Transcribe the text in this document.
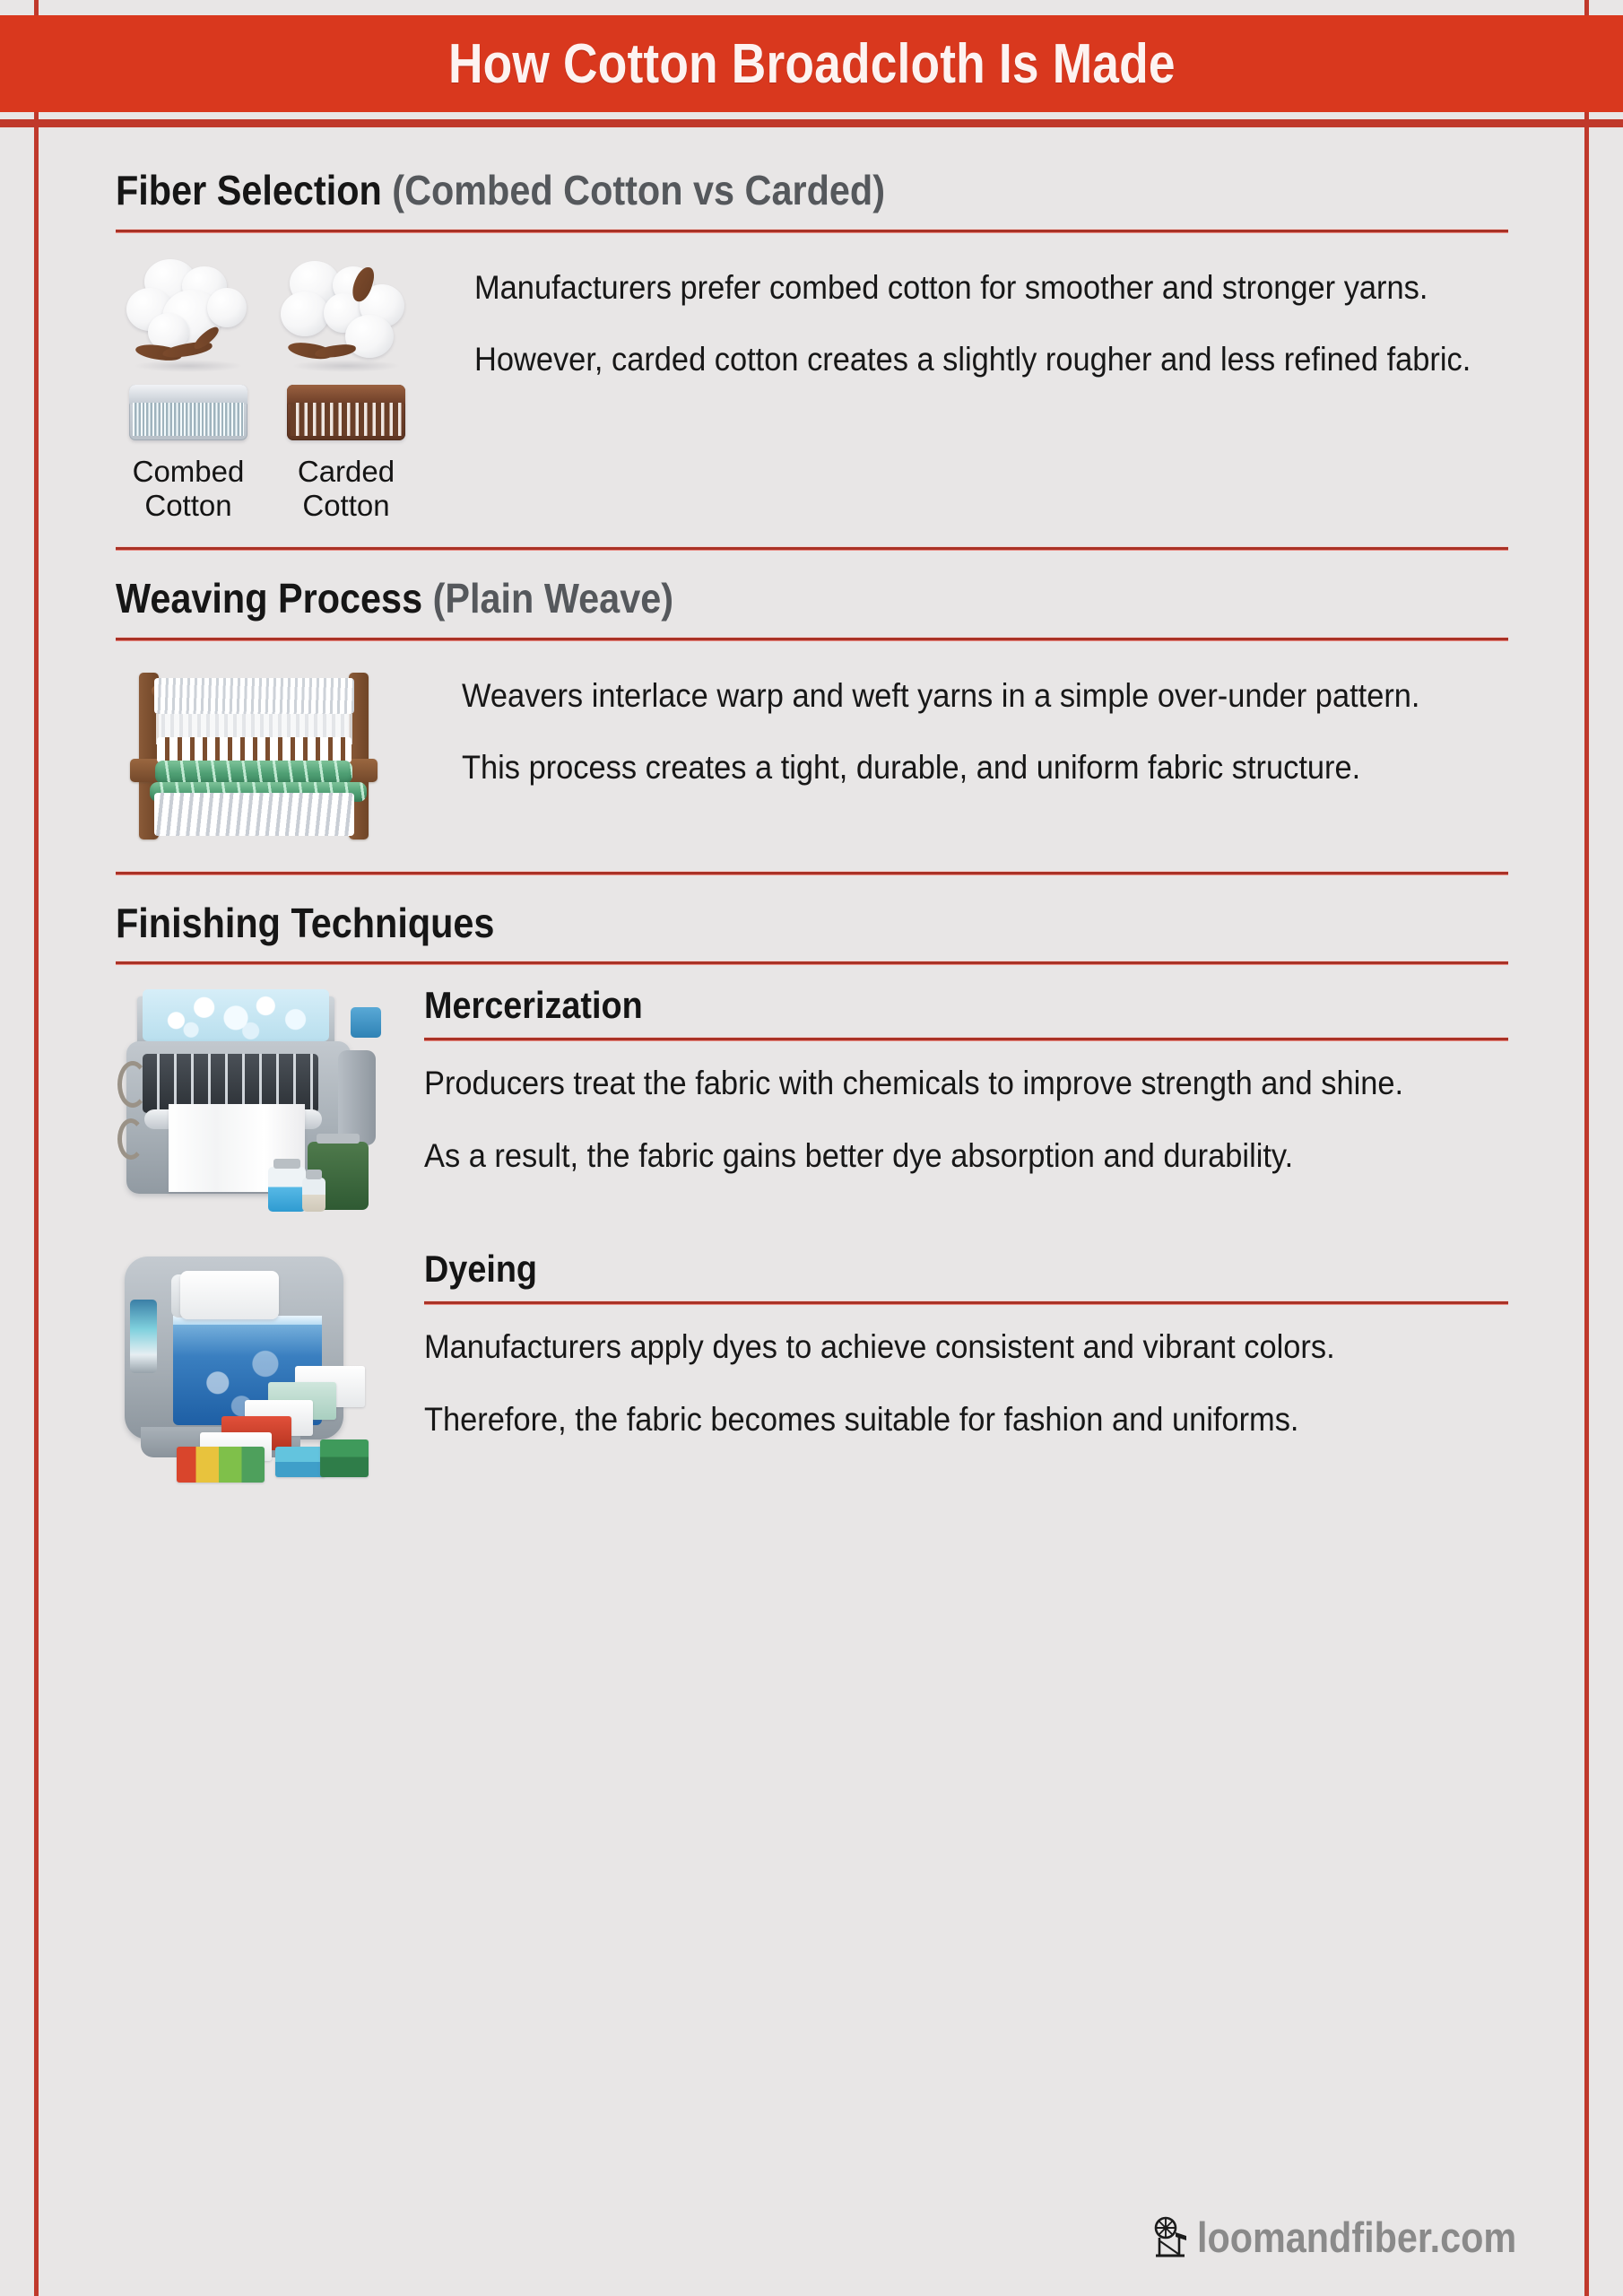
How Cotton Broadcloth Is Made
Fiber Selection (Combed Cotton vs Carded)
Combed
Cotton
Carded
Cotton
Manufacturers prefer combed cotton for smoother and stronger yarns.
However, carded cotton creates a slightly rougher and less refined fabric.
Weaving Process (Plain Weave)
Weavers interlace warp and weft yarns in a simple over-under pattern.
This process creates a tight, durable, and uniform fabric structure.
Finishing Techniques
Mercerization
Producers treat the fabric with chemicals to improve strength and shine.
As a result, the fabric gains better dye absorption and durability.
Dyeing
Manufacturers apply dyes to achieve consistent and vibrant colors.
Therefore, the fabric becomes suitable for fashion and uniforms.
loomandfiber.com
